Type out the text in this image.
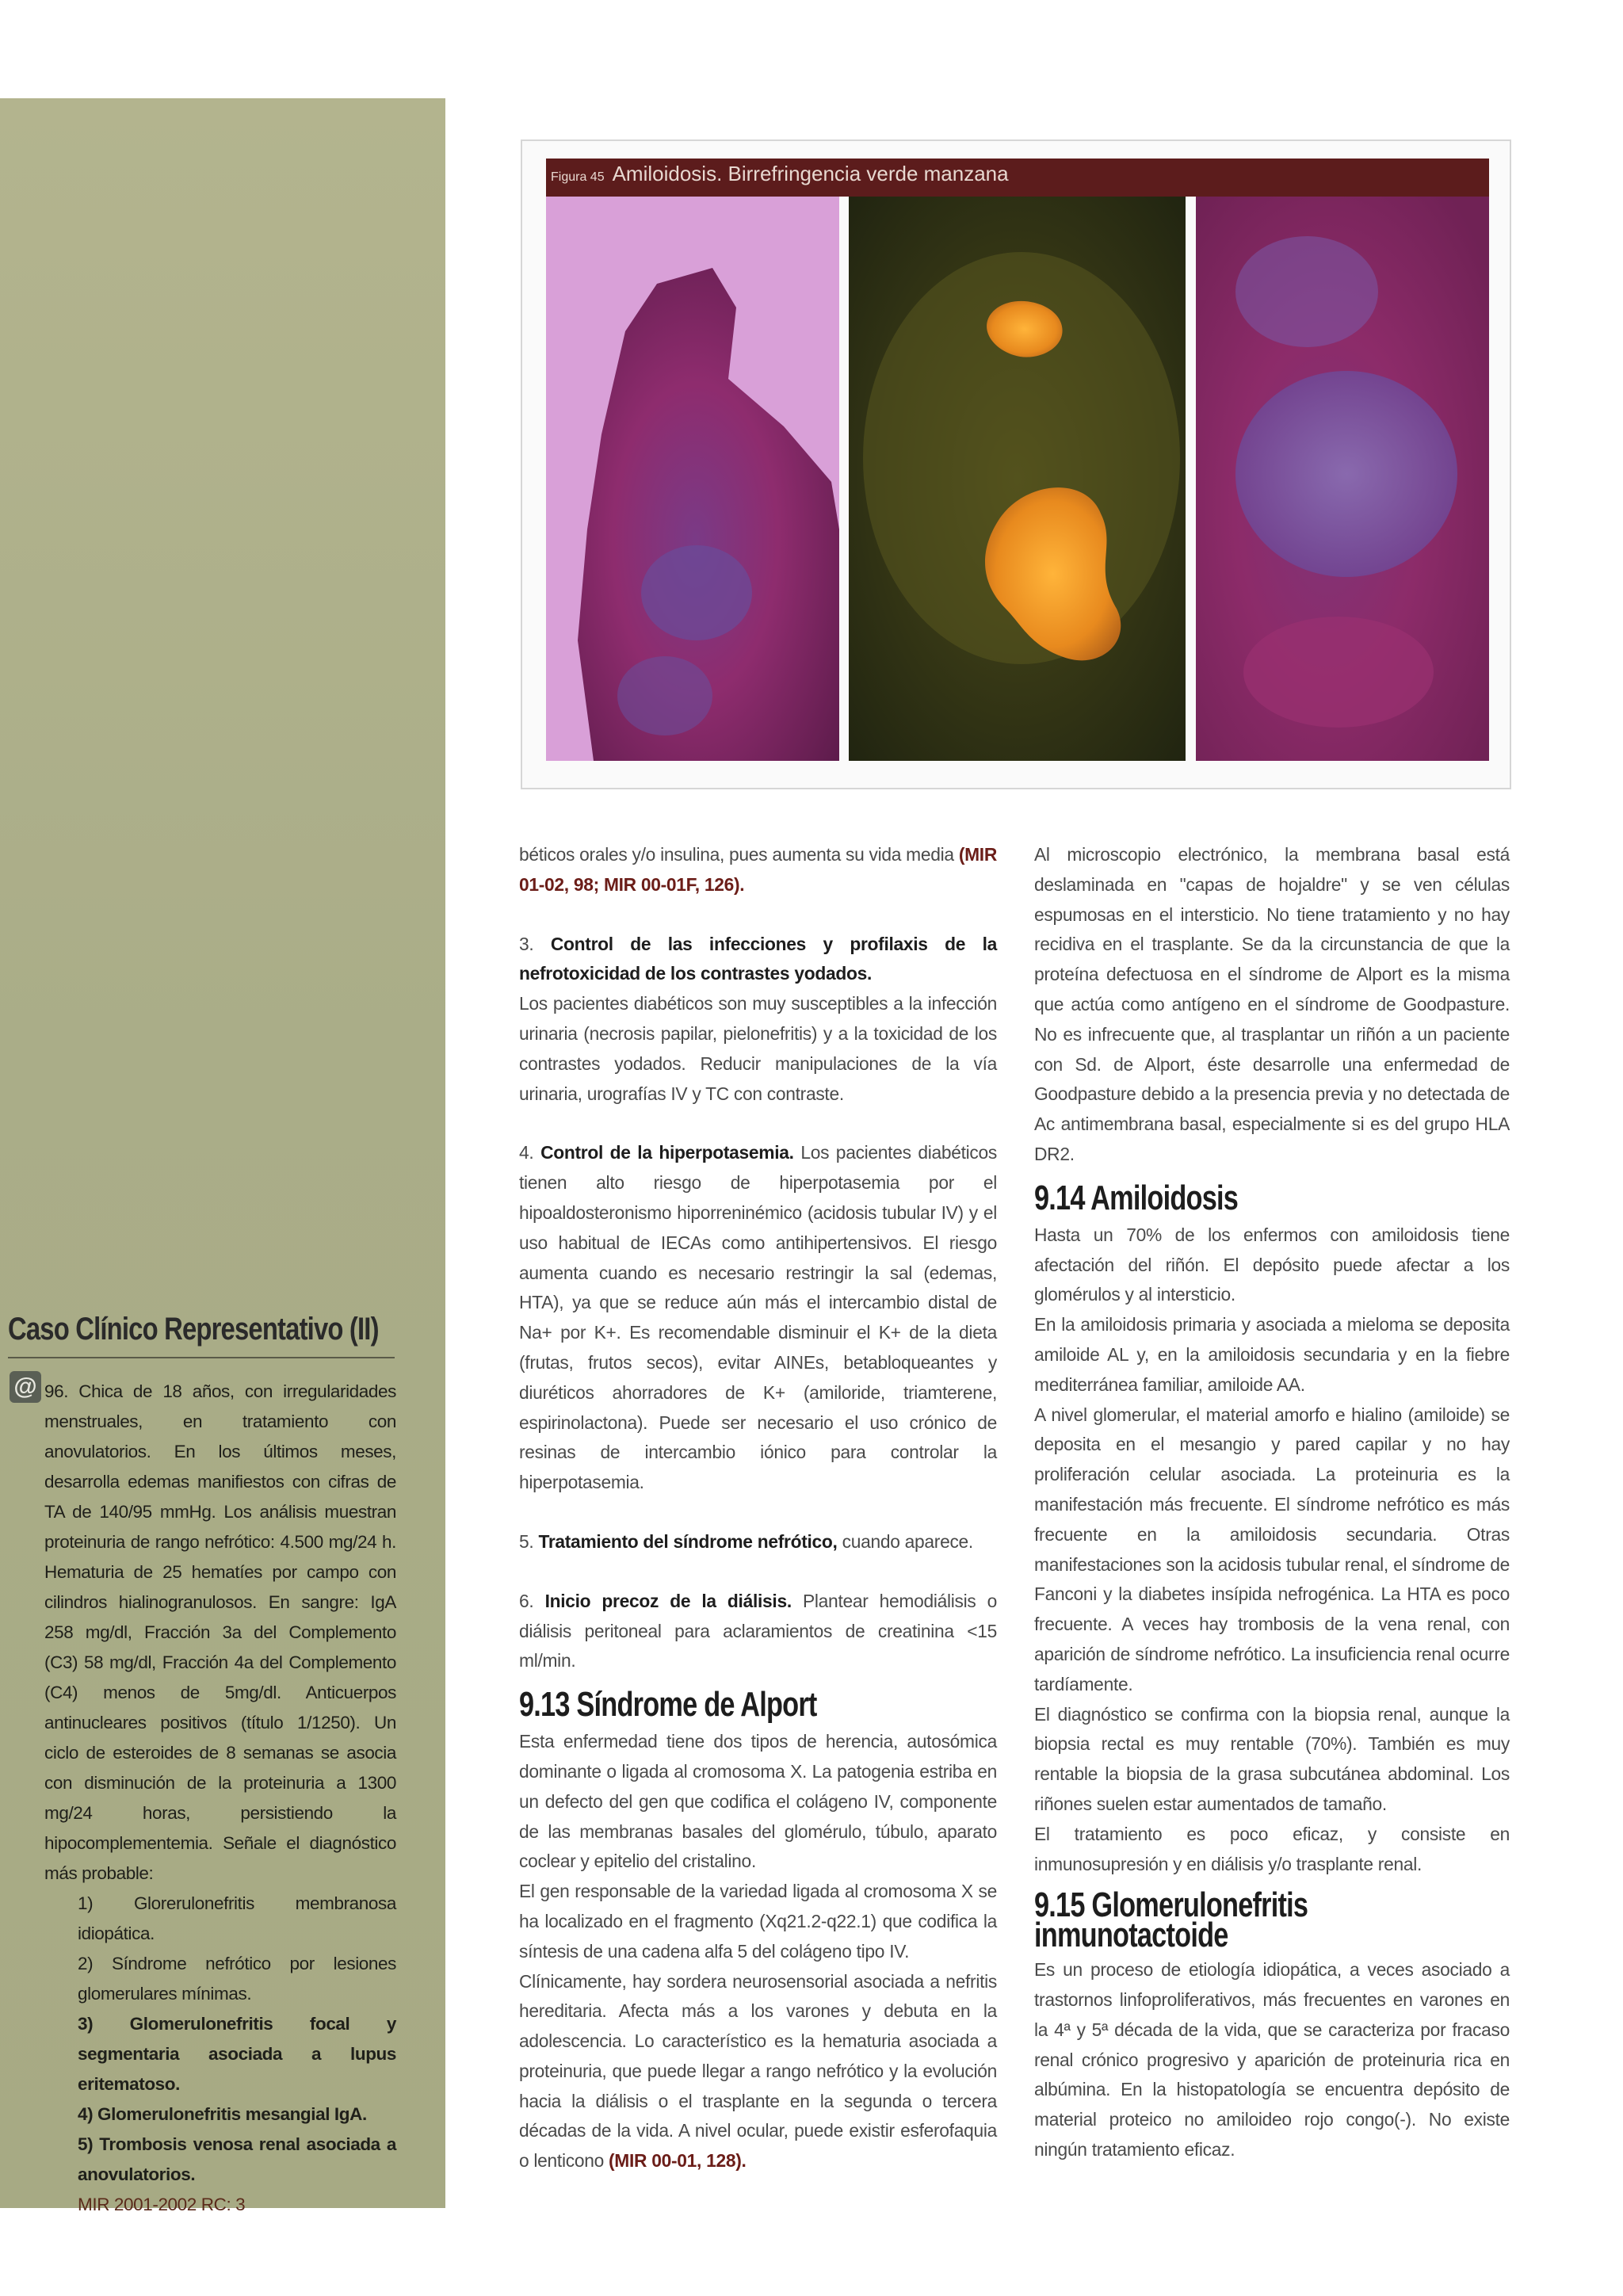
Caso Clínico Representativo (II)
@ 96. Chica de 18 años, con irregularidades menstruales, en tratamiento con anovulatorios. En los últimos meses, desarrolla edemas manifiestos con cifras de TA de 140/95 mmHg. Los análisis muestran proteinuria de rango nefrótico: 4.500 mg/24 h. Hematuria de 25 hematíes por campo con cilindros hialinogranulosos. En sangre: IgA 258 mg/dl, Fracción 3a del Complemento (C3) 58 mg/dl, Fracción 4a del Complemento (C4) menos de 5mg/dl. Anticuerpos antinucleares positivos (título 1/1250). Un ciclo de esteroides de 8 semanas se asocia con disminución de la proteinuria a 1300 mg/24 horas, persistiendo la hipocomplementemia. Señale el diagnóstico más probable:
1) Glorerulonefritis membranosa idiopática.
2) Síndrome nefrótico por lesiones glomerulares mínimas.
3) Glomerulonefritis focal y segmentaria asociada a lupus eritematoso.
4) Glomerulonefritis mesangial IgA.
5) Trombosis venosa renal asociada a anovulatorios.
MIR 2001-2002 RC: 3
Figura 45 Amiloidosis. Birrefringencia verde manzana

béticos orales y/o insulina, pues aumenta su vida media (MIR 01-02, 98; MIR 00-01F, 126).

3. Control de las infecciones y profilaxis de la nefrotoxicidad de los contrastes yodados.

Los pacientes diabéticos son muy susceptibles a la infección urinaria (necrosis papilar, pielonefritis) y a la toxicidad de los contrastes yodados. Reducir manipulaciones de la vía urinaria, urografías IV y TC con contraste.

4. Control de la hiperpotasemia. Los pacientes diabéticos tienen alto riesgo de hiperpotasemia por el hipoaldosteronismo hiporreninémico (acidosis tubular IV) y el uso habitual de IECAs como antihipertensivos. El riesgo aumenta cuando es necesario restringir la sal (edemas, HTA), ya que se reduce aún más el intercambio distal de Na+ por K+. Es recomendable disminuir el K+ de la dieta (frutas, frutos secos), evitar AINEs, betabloqueantes y diuréticos ahorradores de K+ (amiloride, triamterene, espirinolactona). Puede ser necesario el uso crónico de resinas de intercambio iónico para controlar la hiperpotasemia.

5. Tratamiento del síndrome nefrótico, cuando aparece.

6. Inicio precoz de la diálisis. Plantear hemodiálisis o diálisis peritoneal para aclaramientos de creatinina <15 ml/min.

9.13 Síndrome de Alport

Esta enfermedad tiene dos tipos de herencia, autosómica dominante o ligada al cromosoma X. La patogenia estriba en un defecto del gen que codifica el colágeno IV, componente de las membranas basales del glomérulo, túbulo, aparato coclear y epitelio del cristalino.

El gen responsable de la variedad ligada al cromosoma X se ha localizado en el fragmento (Xq21.2-q22.1) que codifica la síntesis de una cadena alfa 5 del colágeno tipo IV.

Clínicamente, hay sordera neurosensorial asociada a nefritis hereditaria. Afecta más a los varones y debuta en la adolescencia. Lo característico es la hematuria asociada a proteinuria, que puede llegar a rango nefrótico y la evolución hacia la diálisis o el trasplante en la segunda o tercera décadas de la vida. A nivel ocular, puede existir esferofaquia o lenticono (MIR 00-01, 128).

Al microscopio electrónico, la membrana basal está deslaminada en "capas de hojaldre" y se ven células espumosas en el intersticio. No tiene tratamiento y no hay recidiva en el trasplante. Se da la circunstancia de que la proteína defectuosa en el síndrome de Alport es la misma que actúa como antígeno en el síndrome de Goodpasture. No es infrecuente que, al trasplantar un riñón a un paciente con Sd. de Alport, éste desarrolle una enfermedad de Goodpasture debido a la presencia previa y no detectada de Ac antimembrana basal, especialmente si es del grupo HLA DR2.

9.14 Amiloidosis

Hasta un 70% de los enfermos con amiloidosis tiene afectación del riñón. El depósito puede afectar a los glomérulos y al intersticio.

En la amiloidosis primaria y asociada a mieloma se deposita amiloide AL y, en la amiloidosis secundaria y en la fiebre mediterránea familiar, amiloide AA.

A nivel glomerular, el material amorfo e hialino (amiloide) se deposita en el mesangio y pared capilar y no hay proliferación celular asociada. La proteinuria es la manifestación más frecuente. El síndrome nefrótico es más frecuente en la amiloidosis secundaria. Otras manifestaciones son la acidosis tubular renal, el síndrome de Fanconi y la diabetes insípida nefrogénica. La HTA es poco frecuente. A veces hay trombosis de la vena renal, con aparición de síndrome nefrótico. La insuficiencia renal ocurre tardíamente.

El diagnóstico se confirma con la biopsia renal, aunque la biopsia rectal es muy rentable (70%). También es muy rentable la biopsia de la grasa subcutánea abdominal. Los riñones suelen estar aumentados de tamaño.

El tratamiento es poco eficaz, y consiste en inmunosupresión y en diálisis y/o trasplante renal.

9.15 Glomerulonefritis
inmunotactoide

Es un proceso de etiología idiopática, a veces asociado a trastornos linfoproliferativos, más frecuentes en varones en la 4ª y 5ª década de la vida, que se caracteriza por fracaso renal crónico progresivo y aparición de proteinuria rica en albúmina. En la histopatología se encuentra depósito de material proteico no amiloideo rojo congo(-). No existe ningún tratamiento eficaz.
